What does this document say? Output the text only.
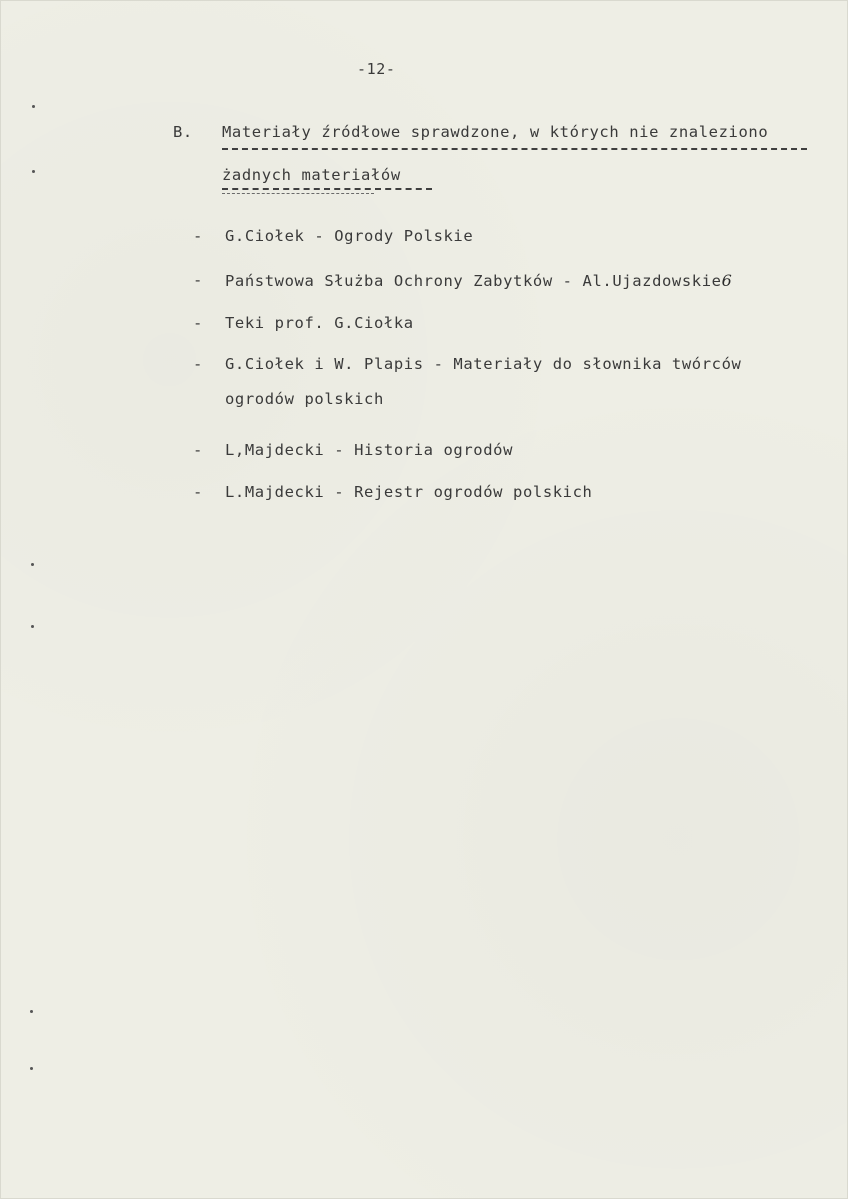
-12-
B. Materiały źródłowe sprawdzone, w których nie znaleziono
żadnych materiałów
- G.Ciołek - Ogrody Polskie
- Państwowa Służba Ochrony Zabytków - Al.Ujazdowskie6
- Teki prof. G.Ciołka
- G.Ciołek i W. Plapis - Materiały do słownika twórców
ogrodów polskich
- L,Majdecki - Historia ogrodów
- L.Majdecki - Rejestr ogrodów polskich
